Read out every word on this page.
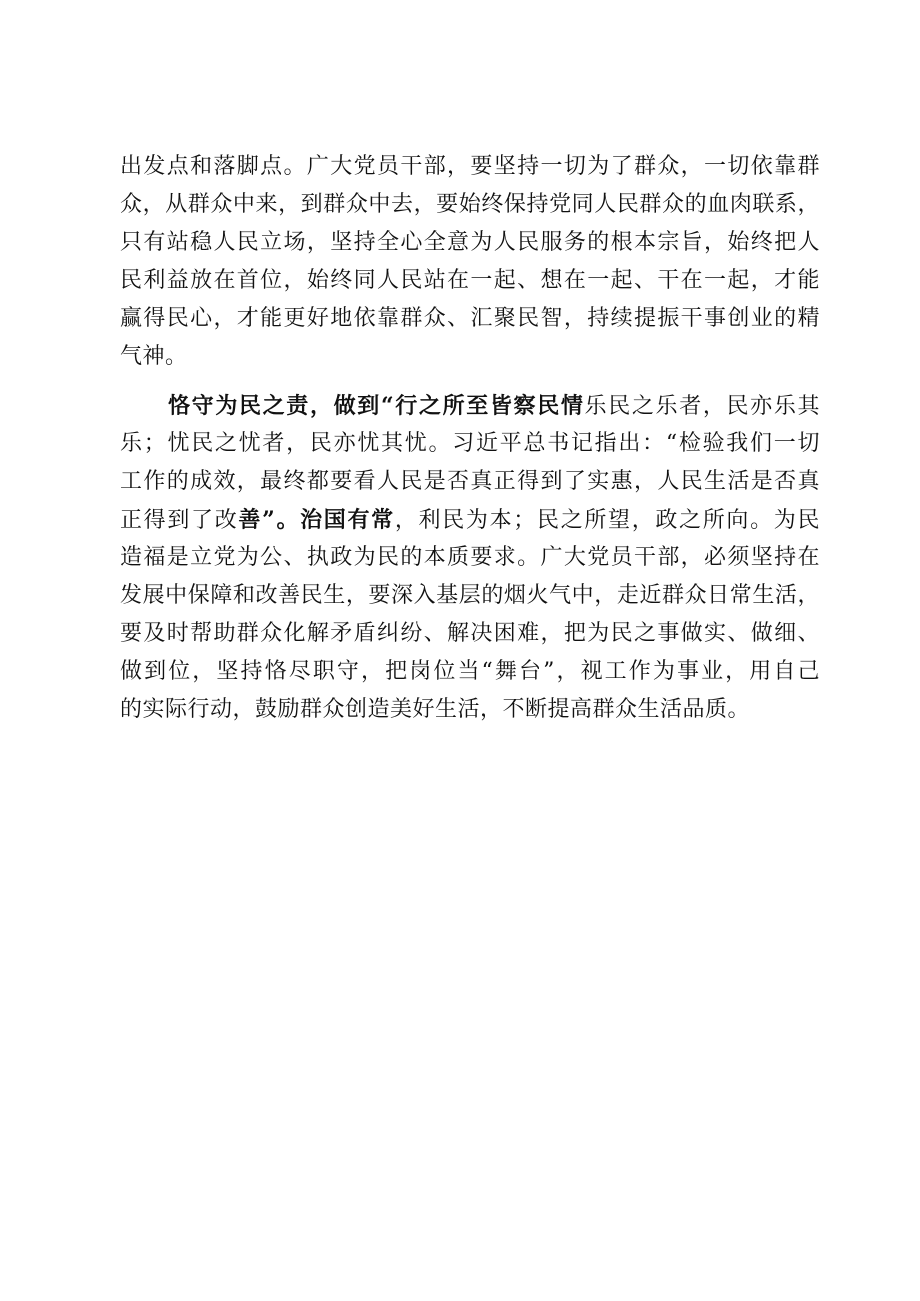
出发点和落脚点。广大党员干部，要坚持一切为了群众，一切依靠群
众，从群众中来，到群众中去，要始终保持党同人民群众的血肉联系，
只有站稳人民立场，坚持全心全意为人民服务的根本宗旨，始终把人
民利益放在首位，始终同人民站在一起、想在一起、干在一起，才能
赢得民心，才能更好地依靠群众、汇聚民智，持续提振干事创业的精
气神。
恪守为民之责，做到“行之所至皆察民情乐民之乐者，民亦乐其
乐；忧民之忧者，民亦忧其忧。习近平总书记指出：“检验我们一切
工作的成效，最终都要看人民是否真正得到了实惠，人民生活是否真
正得到了改善”。治国有常，利民为本；民之所望，政之所向。为民
造福是立党为公、执政为民的本质要求。广大党员干部，必须坚持在
发展中保障和改善民生，要深入基层的烟火气中，走近群众日常生活，
要及时帮助群众化解矛盾纠纷、解决困难，把为民之事做实、做细、
做到位，坚持恪尽职守，把岗位当“舞台”，视工作为事业，用自己
的实际行动，鼓励群众创造美好生活，不断提高群众生活品质。
